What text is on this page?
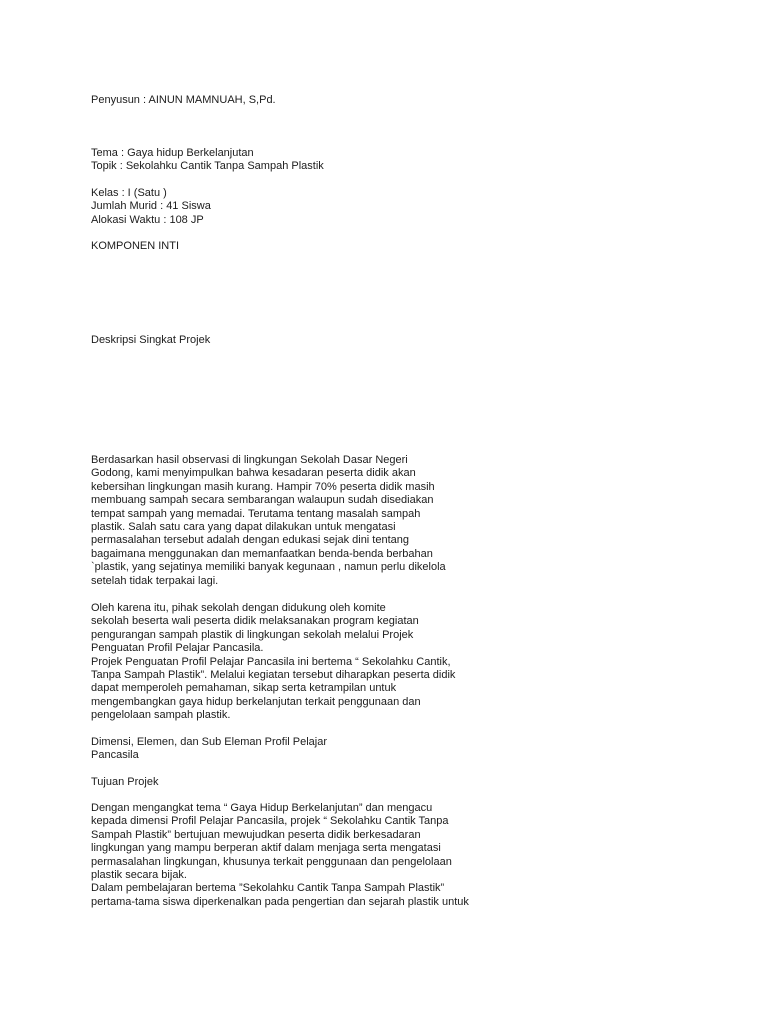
Penyusun : AINUN MAMNUAH, S,Pd.

Tema : Gaya hidup Berkelanjutan

Topik : Sekolahku Cantik Tanpa Sampah Plastik

Kelas : I (Satu )

Jumlah Murid : 41 Siswa

Alokasi Waktu : 108 JP

KOMPONEN INTI

Deskripsi Singkat Projek

Berdasarkan hasil observasi di lingkungan Sekolah Dasar Negeri
Godong, kami menyimpulkan bahwa kesadaran peserta didik akan
kebersihan lingkungan masih kurang. Hampir 70% peserta didik masih
membuang sampah secara sembarangan walaupun sudah disediakan
tempat sampah yang memadai. Terutama tentang masalah sampah
plastik. Salah satu cara yang dapat dilakukan untuk mengatasi
permasalahan tersebut adalah dengan edukasi sejak dini tentang
bagaimana menggunakan dan memanfaatkan benda-benda berbahan
`plastik, yang sejatinya memiliki banyak kegunaan , namun perlu dikelola
setelah tidak terpakai lagi.
Oleh karena itu, pihak sekolah dengan didukung oleh komite
sekolah beserta wali peserta didik melaksanakan program kegiatan
pengurangan sampah plastik di lingkungan sekolah melalui Projek
Penguatan Profil Pelajar Pancasila.
Projek Penguatan Profil Pelajar Pancasila ini bertema “ Sekolahku Cantik,
Tanpa Sampah Plastik”. Melalui kegiatan tersebut diharapkan peserta didik
dapat memperoleh pemahaman, sikap serta ketrampilan untuk
mengembangkan gaya hidup berkelanjutan terkait penggunaan dan
pengelolaan sampah plastik.
Dimensi, Elemen, dan Sub Eleman Profil Pelajar
Pancasila

Tujuan Projek

Dengan mengangkat tema “ Gaya Hidup Berkelanjutan” dan mengacu
kepada dimensi Profil Pelajar Pancasila, projek “ Sekolahku Cantik Tanpa
Sampah Plastik” bertujuan mewujudkan peserta didik berkesadaran
lingkungan yang mampu berperan aktif dalam menjaga serta mengatasi
permasalahan lingkungan, khusunya terkait penggunaan dan pengelolaan
plastik secara bijak.
Dalam pembelajaran bertema ”Sekolahku Cantik Tanpa Sampah Plastik”
pertama-tama siswa diperkenalkan pada pengertian dan sejarah plastik untuk
